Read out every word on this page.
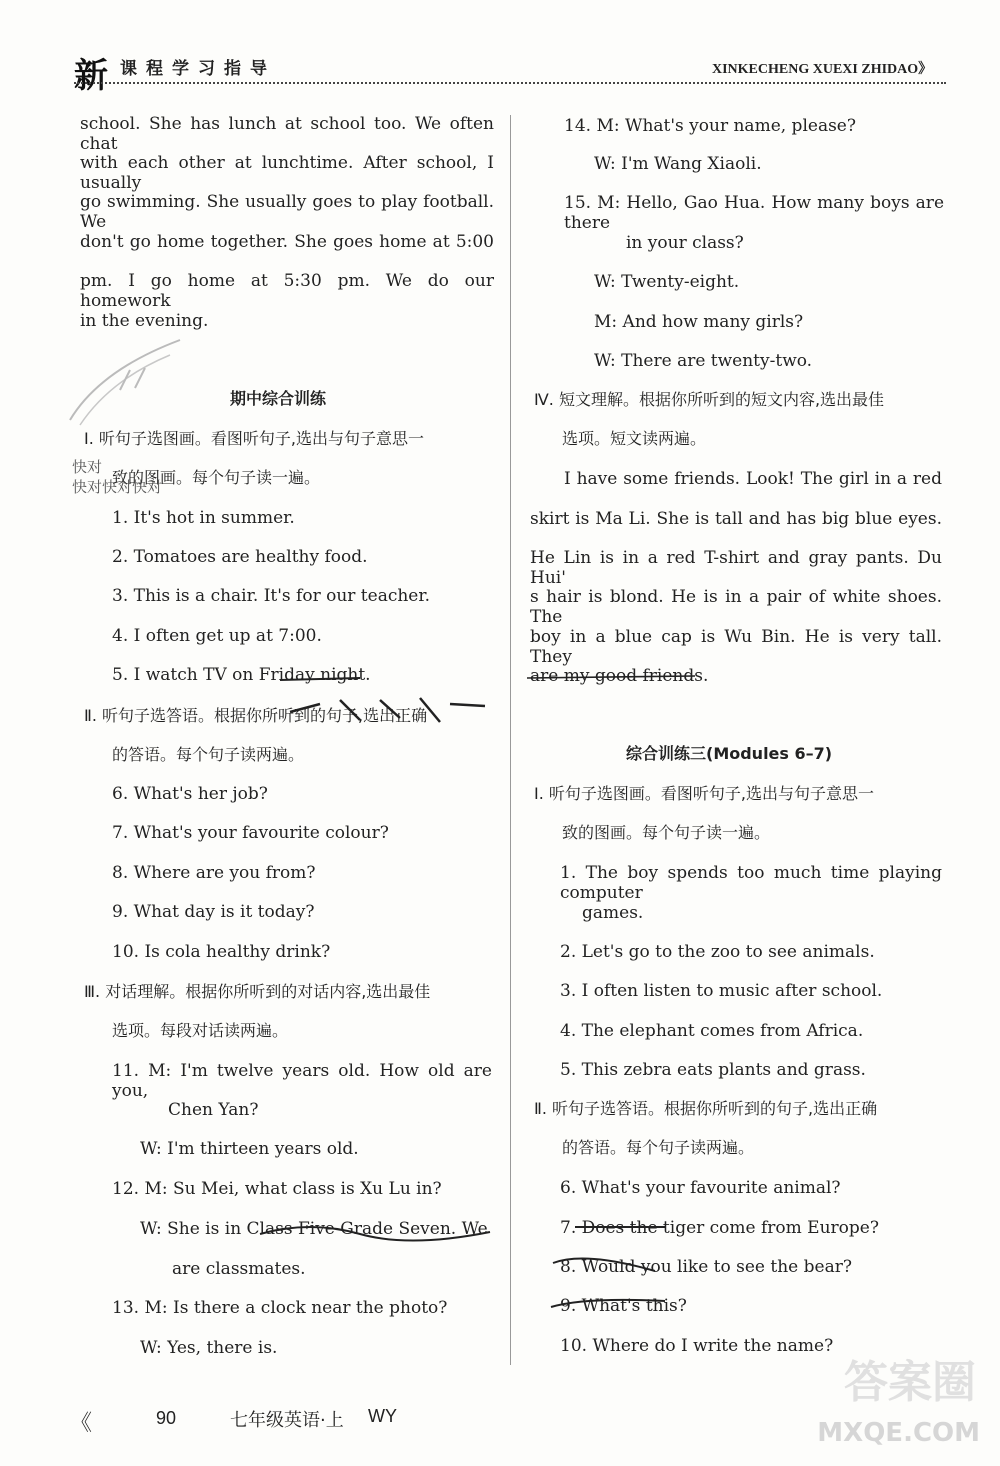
新 课程学习指导	XINKECHENG XUEXI ZHIDAO》
school. She has lunch at school too. We often chat
with each other at lunchtime. After school, I usually
go swimming. She usually goes to play football. We
don't go home together. She goes home at 5:00
pm. I go home at 5:30 pm. We do our homework
in the evening.
期中综合训练
Ⅰ. 听句子选图画。看图听句子,选出与句子意思一
致的图画。每个句子读一遍。
快对
快对快对快对
1. It's hot in summer.
2. Tomatoes are healthy food.
3. This is a chair. It's for our teacher.
4. I often get up at 7:00.
5. I watch TV on Friday night.
Ⅱ. 听句子选答语。根据你所听到的句子,选出正确
的答语。每个句子读两遍。
6. What's her job?
7. What's your favourite colour?
8. Where are you from?
9. What day is it today?
10. Is cola healthy drink?
Ⅲ. 对话理解。根据你所听到的对话内容,选出最佳
选项。每段对话读两遍。
11. M: I'm twelve years old. How old are you,
Chen Yan?
W: I'm thirteen years old.
12. M: Su Mei, what class is Xu Lu in?
W: She is in Class Five Grade Seven. We
are classmates.
13. M: Is there a clock near the photo?
W: Yes, there is.
14. M: What's your name, please?
W: I'm Wang Xiaoli.
15. M: Hello, Gao Hua. How many boys are there
in your class?
W: Twenty-eight.
M: And how many girls?
W: There are twenty-two.
Ⅳ. 短文理解。根据你所听到的短文内容,选出最佳
选项。短文读两遍。
I have some friends. Look! The girl in a red
skirt is Ma Li. She is tall and has big blue eyes.
He Lin is in a red T-shirt and gray pants. Du Hui'
s hair is blond. He is in a pair of white shoes. The
boy in a blue cap is Wu Bin. He is very tall. They
are my good friends.
综合训练三(Modules 6–7)
Ⅰ. 听句子选图画。看图听句子,选出与句子意思一
致的图画。每个句子读一遍。
1. The boy spends too much time playing computer
games.
2. Let's go to the zoo to see animals.
3. I often listen to music after school.
4. The elephant comes from Africa.
5. This zebra eats plants and grass.
Ⅱ. 听句子选答语。根据你所听到的句子,选出正确
的答语。每个句子读两遍。
6. What's your favourite animal?
7. Does the tiger come from Europe?
8. Would you like to see the bear?
9. What's this?
10. Where do I write the name?
《	90	七年级英语·上 WY
答案圈
MXQE.COM
